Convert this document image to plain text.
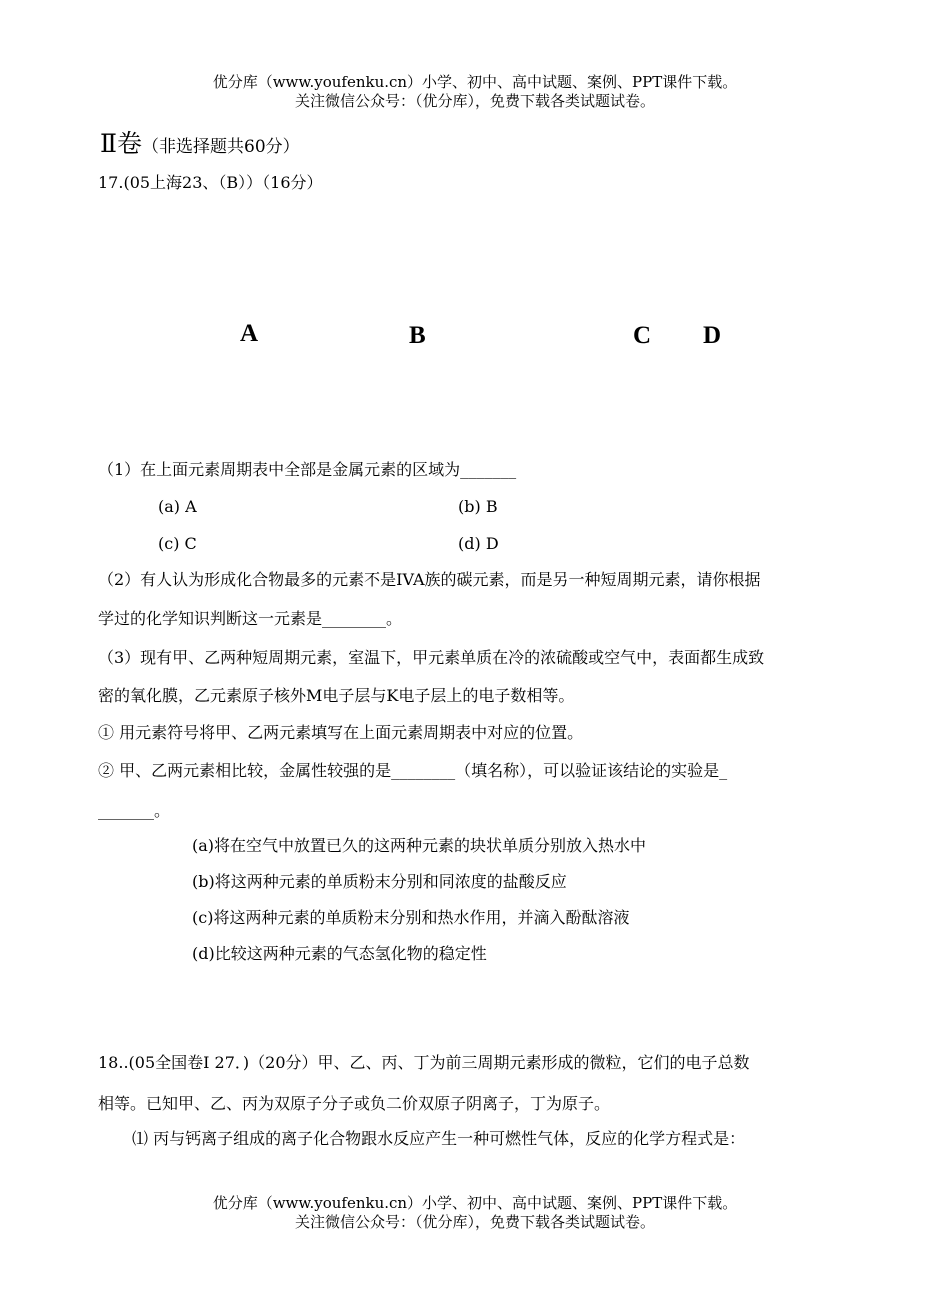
优分库（www.youfenku.cn）小学、初中、高中试题、案例、PPT课件下载。
关注微信公众号：（优分库），免费下载各类试题试卷。
Ⅱ卷（非选择题共60分）
17.(05上海23、（B））（16分）
A	B	C D
（1）在上面元素周期表中全部是金属元素的区域为_______
(a) A	(b) B
(c) C	(d) D
（2）有人认为形成化合物最多的元素不是IVA族的碳元素，而是另一种短周期元素，请你根据
学过的化学知识判断这一元素是________。
（3）现有甲、乙两种短周期元素，室温下，甲元素单质在冷的浓硫酸或空气中，表面都生成致
密的氧化膜，乙元素原子核外M电子层与K电子层上的电子数相等。
① 用元素符号将甲、乙两元素填写在上面元素周期表中对应的位置。
② 甲、乙两元素相比较，金属性较强的是________（填名称），可以验证该结论的实验是_
_______。
(a)将在空气中放置已久的这两种元素的块状单质分别放入热水中
(b)将这两种元素的单质粉末分别和同浓度的盐酸反应
(c)将这两种元素的单质粉末分别和热水作用，并滴入酚酞溶液
(d)比较这两种元素的气态氢化物的稳定性
18..(05全国卷Ⅰ 27．)（20分）甲、乙、丙、丁为前三周期元素形成的微粒，它们的电子总数
相等。已知甲、乙、丙为双原子分子或负二价双原子阴离子，丁为原子。
⑴ 丙与钙离子组成的离子化合物跟水反应产生一种可燃性气体，反应的化学方程式是：
优分库（www.youfenku.cn）小学、初中、高中试题、案例、PPT课件下载。
关注微信公众号：（优分库），免费下载各类试题试卷。
